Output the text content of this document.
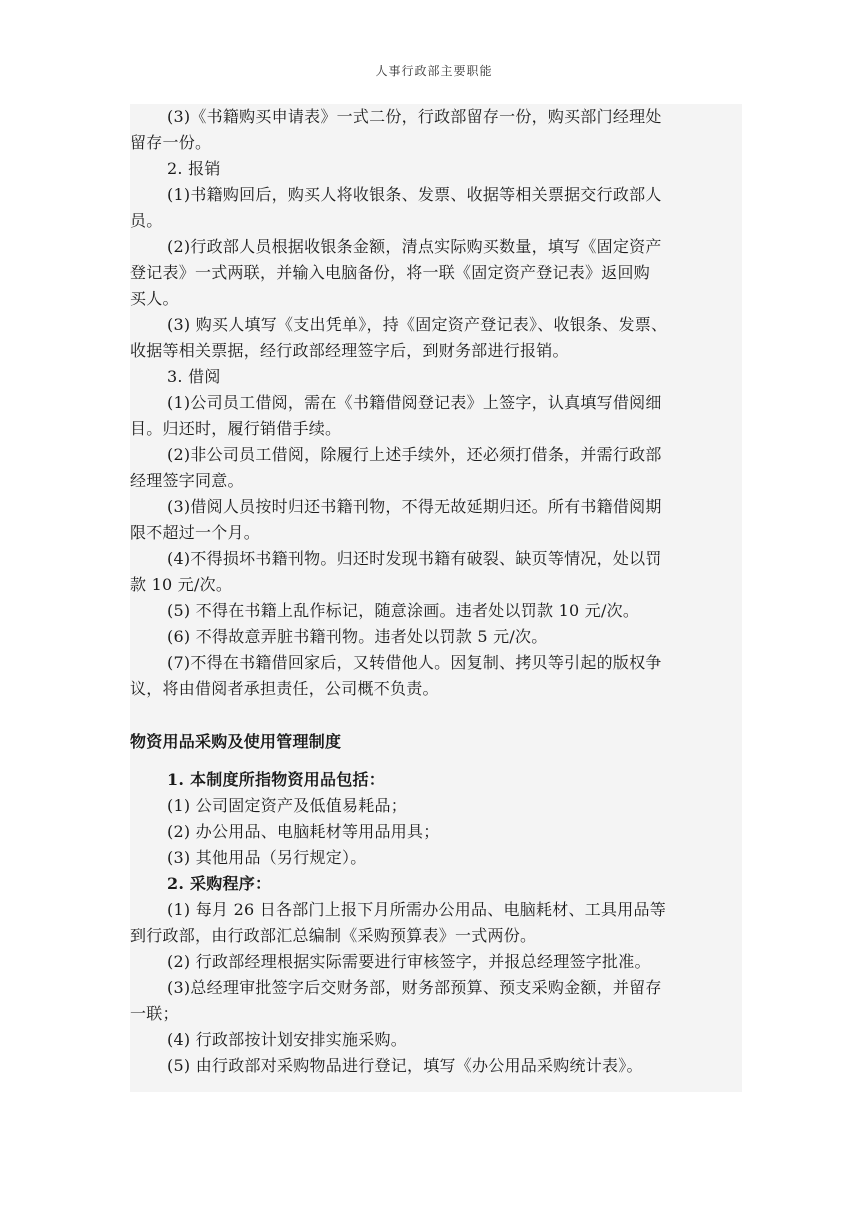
人事行政部主要职能

(3)《书籍购买申请表》一式二份，行政部留存一份，购买部门经理处

留存一份。

2. 报销

(1)书籍购回后，购买人将收银条、发票、收据等相关票据交行政部人

员。

(2)行政部人员根据收银条金额，清点实际购买数量，填写《固定资产

登记表》一式两联，并输入电脑备份，将一联《固定资产登记表》返回购

买人。

(3) 购买人填写《支出凭单》，持《固定资产登记表》、收银条、发票、

收据等相关票据，经行政部经理签字后，到财务部进行报销。

3. 借阅

(1)公司员工借阅，需在《书籍借阅登记表》上签字，认真填写借阅细

目。归还时，履行销借手续。

(2)非公司员工借阅，除履行上述手续外，还必须打借条，并需行政部

经理签字同意。

(3)借阅人员按时归还书籍刊物，不得无故延期归还。所有书籍借阅期

限不超过一个月。

(4)不得损坏书籍刊物。归还时发现书籍有破裂、缺页等情况，处以罚

款 10 元/次。

(5) 不得在书籍上乱作标记，随意涂画。违者处以罚款 10 元/次。

(6) 不得故意弄脏书籍刊物。违者处以罚款 5 元/次。

(7)不得在书籍借回家后，又转借他人。因复制、拷贝等引起的版权争

议，将由借阅者承担责任，公司概不负责。

物资用品采购及使用管理制度

1. 本制度所指物资用品包括：

(1) 公司固定资产及低值易耗品；

(2) 办公用品、电脑耗材等用品用具；

(3) 其他用品（另行规定）。

2. 采购程序：

(1) 每月 26 日各部门上报下月所需办公用品、电脑耗材、工具用品等

到行政部，由行政部汇总编制《采购预算表》一式两份。

(2) 行政部经理根据实际需要进行审核签字，并报总经理签字批准。

(3)总经理审批签字后交财务部，财务部预算、预支采购金额，并留存

一联；

(4) 行政部按计划安排实施采购。

(5) 由行政部对采购物品进行登记，填写《办公用品采购统计表》。
